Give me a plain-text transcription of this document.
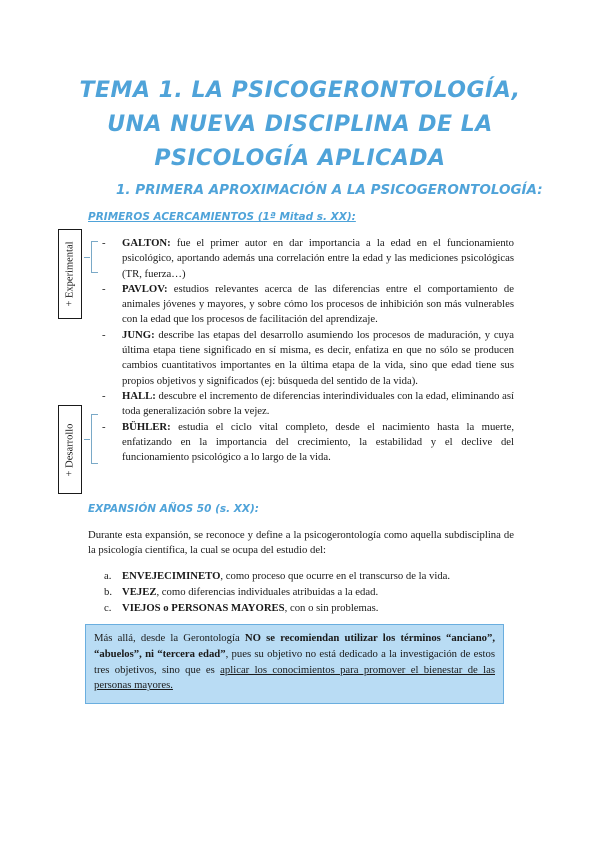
TEMA 1. LA PSICOGERONTOLOGÍA,
UNA NUEVA DISCIPLINA DE LA
PSICOLOGÍA APLICADA
1. PRIMERA APROXIMACIÓN A LA PSICOGERONTOLOGÍA:
PRIMEROS ACERCAMIENTOS (1ª Mitad s. XX):
+ Experimental
+ Desarrollo
- GALTON: fue el primer autor en dar importancia a la edad en el funcionamiento psicológico, aportando además una correlación entre la edad y las mediciones psicológicas (TR, fuerza…)
- PAVLOV: estudios relevantes acerca de las diferencias entre el comportamiento de animales jóvenes y mayores, y sobre cómo los procesos de inhibición son más vulnerables con la edad que los procesos de facilitación del aprendizaje.
- JUNG: describe las etapas del desarrollo asumiendo los procesos de maduración, y cuya última etapa tiene significado en sí misma, es decir, enfatiza en que no sólo se producen cambios cuantitativos importantes en la última etapa de la vida, sino que edad tiene sus propios objetivos y significados (ej: búsqueda del sentido de la vida).
- HALL: descubre el incremento de diferencias interindividuales con la edad, eliminando así toda generalización sobre la vejez.
- BÜHLER: estudia el ciclo vital completo, desde el nacimiento hasta la muerte, enfatizando en la importancia del crecimiento, la estabilidad y el declive del funcionamiento psicológico a lo largo de la vida.
EXPANSIÓN AÑOS 50 (s. XX):

Durante esta expansión, se reconoce y define a la psicogerontología como aquella subdisciplina de la psicología científica, la cual se ocupa del estudio del:

a. ENVEJECIMINETO, como proceso que ocurre en el transcurso de la vida.
b. VEJEZ, como diferencias individuales atribuidas a la edad.
c. VIEJOS o PERSONAS MAYORES, con o sin problemas.
Más allá, desde la Gerontología NO se recomiendan utilizar los términos “anciano”, “abuelos”, ni “tercera edad”, pues su objetivo no está dedicado a la investigación de estos tres objetivos, sino que es aplicar los conocimientos para promover el bienestar de las personas mayores.
